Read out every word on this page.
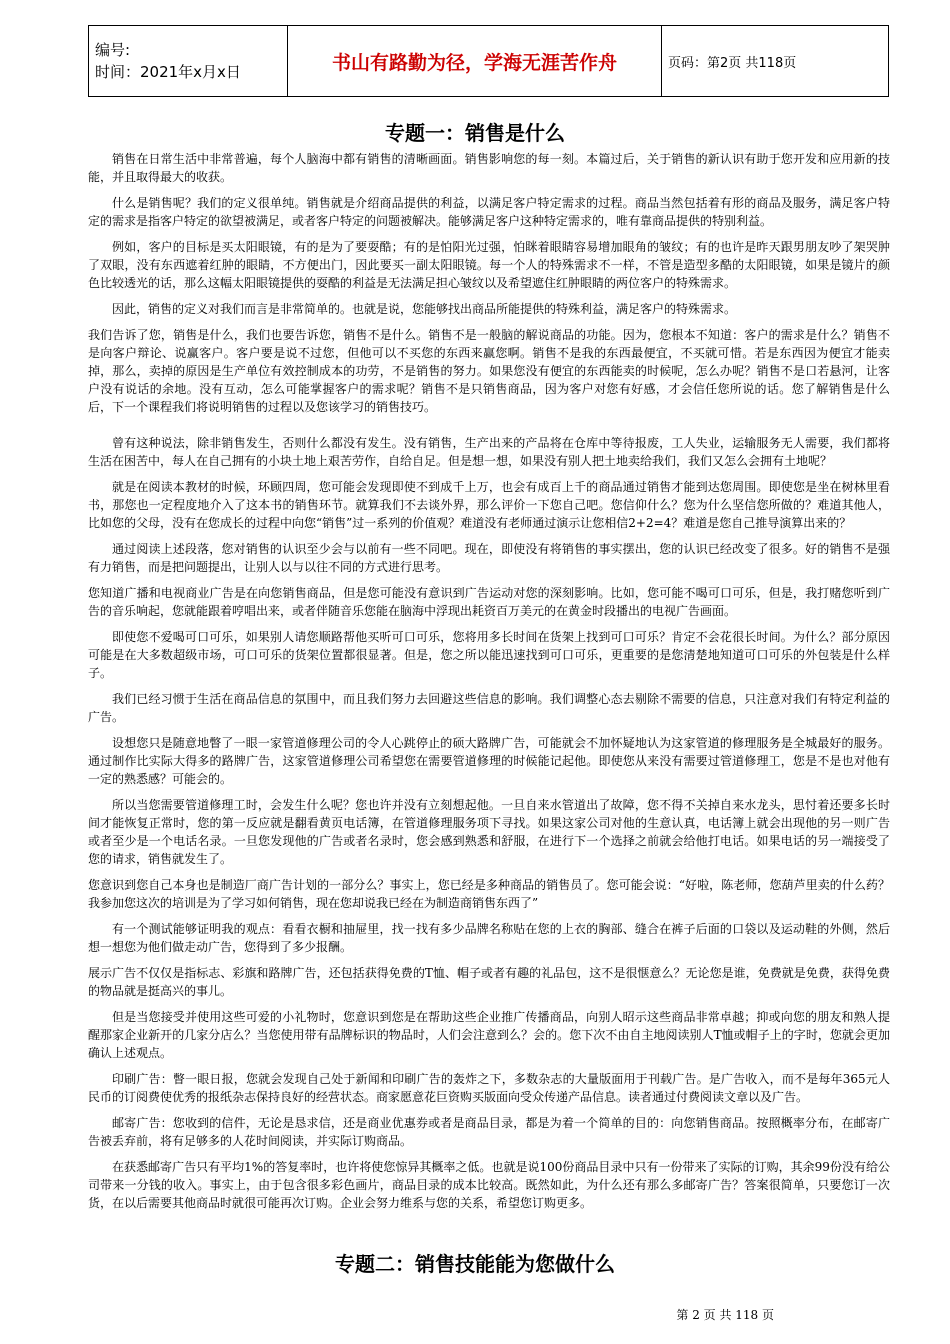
编号:
时间：2021年x月x日	书山有路勤为径，学海无涯苦作舟	页码：第2页 共118页
专题一：销售是什么

销售在日常生活中非常普遍，每个人脑海中都有销售的清晰画面。销售影响您的每一刻。本篇过后，关于销售的新认识有助于您开发和应用新的技能，并且取得最大的收获。

什么是销售呢？我们的定义很单纯。销售就是介绍商品提供的利益，以满足客户特定需求的过程。商品当然包括着有形的商品及服务，满足客户特定的需求是指客户特定的欲望被满足，或者客户特定的问题被解决。能够满足客户这种特定需求的，唯有靠商品提供的特别利益。

例如，客户的目标是买太阳眼镜，有的是为了要耍酷；有的是怕阳光过强，怕眯着眼睛容易增加眼角的皱纹；有的也许是昨天跟男朋友吵了架哭肿了双眼，没有东西遮着红肿的眼睛，不方便出门，因此要买一副太阳眼镜。每一个人的特殊需求不一样，不管是造型多酷的太阳眼镜，如果是镜片的颜色比较透光的话，那么这幅太阳眼镜提供的耍酷的利益是无法满足担心皱纹以及希望遮住红肿眼睛的两位客户的特殊需求。

因此，销售的定义对我们而言是非常简单的。也就是说，您能够找出商品所能提供的特殊利益，满足客户的特殊需求。

我们告诉了您，销售是什么，我们也要告诉您，销售不是什么。销售不是一般脑的解说商品的功能。因为，您根本不知道：客户的需求是什么？销售不是向客户辩论、说赢客户。客户要是说不过您，但他可以不买您的东西来赢您啊。销售不是我的东西最便宜，不买就可惜。若是东西因为便宜才能卖掉，那么，卖掉的原因是生产单位有效控制成本的功劳，不是销售的努力。如果您没有便宜的东西能卖的时候呢，怎么办呢？销售不是口若悬河，让客户没有说话的余地。没有互动，怎么可能掌握客户的需求呢？销售不是只销售商品，因为客户对您有好感，才会信任您所说的话。您了解销售是什么后，下一个课程我们将说明销售的过程以及您该学习的销售技巧。

曾有这种说法，除非销售发生，否则什么都没有发生。没有销售，生产出来的产品将在仓库中等待报废，工人失业，运输服务无人需要，我们都将生活在困苦中，每人在自己拥有的小块土地上艰苦劳作，自给自足。但是想一想，如果没有别人把土地卖给我们，我们又怎么会拥有土地呢？

就是在阅读本教材的时候，环顾四周，您可能会发现即使不到成千上万，也会有成百上千的商品通过销售才能到达您周围。即使您是坐在树林里看书，那您也一定程度地介入了这本书的销售环节。就算我们不去谈外界，那么评价一下您自己吧。您信仰什么？您为什么坚信您所做的？难道其他人，比如您的父母，没有在您成长的过程中向您“销售”过一系列的价值观？难道没有老师通过演示让您相信2+2=4？难道是您自己推导演算出来的？

通过阅读上述段落，您对销售的认识至少会与以前有一些不同吧。现在，即使没有将销售的事实摆出，您的认识已经改变了很多。好的销售不是强有力销售，而是把问题提出，让别人以与以往不同的方式进行思考。

您知道广播和电视商业广告是在向您销售商品，但是您可能没有意识到广告运动对您的深刻影响。比如，您可能不喝可口可乐，但是，我打赌您听到广告的音乐响起，您就能跟着哼唱出来，或者伴随音乐您能在脑海中浮现出耗资百万美元的在黄金时段播出的电视广告画面。

即使您不爱喝可口可乐，如果别人请您顺路帮他买听可口可乐，您将用多长时间在货架上找到可口可乐？肯定不会花很长时间。为什么？部分原因可能是在大多数超级市场，可口可乐的货架位置都很显著。但是，您之所以能迅速找到可口可乐，更重要的是您清楚地知道可口可乐的外包装是什么样子。

我们已经习惯于生活在商品信息的氛围中，而且我们努力去回避这些信息的影响。我们调整心态去剔除不需要的信息，只注意对我们有特定利益的广告。

设想您只是随意地瞥了一眼一家管道修理公司的令人心跳停止的硕大路牌广告，可能就会不加怀疑地认为这家管道的修理服务是全城最好的服务。通过制作比实际大得多的路牌广告，这家管道修理公司希望您在需要管道修理的时候能记起他。即使您从来没有需要过管道修理工，您是不是也对他有一定的熟悉感？可能会的。

所以当您需要管道修理工时，会发生什么呢？您也许并没有立刻想起他。一旦自来水管道出了故障，您不得不关掉自来水龙头，思忖着还要多长时间才能恢复正常时，您的第一反应就是翻看黄页电话簿，在管道修理服务项下寻找。如果这家公司对他的生意认真，电话簿上就会出现他的另一则广告或者至少是一个电话名录。一旦您发现他的广告或者名录时，您会感到熟悉和舒服，在进行下一个选择之前就会给他打电话。如果电话的另一端接受了您的请求，销售就发生了。

您意识到您自己本身也是制造厂商广告计划的一部分么？事实上，您已经是多种商品的销售员了。您可能会说：“好啦，陈老师，您葫芦里卖的什么药？我参加您这次的培训是为了学习如何销售，现在您却说我已经在为制造商销售东西了”

有一个测试能够证明我的观点：看看衣橱和抽屉里，找一找有多少品牌名称贴在您的上衣的胸部、缝合在裤子后面的口袋以及运动鞋的外侧，然后想一想您为他们做走动广告，您得到了多少报酬。

展示广告不仅仅是指标志、彩旗和路牌广告，还包括获得免费的T恤、帽子或者有趣的礼品包，这不是很惬意么？无论您是谁，免费就是免费，获得免费的物品就是挺高兴的事儿。

但是当您接受并使用这些可爱的小礼物时，您意识到您是在帮助这些企业推广传播商品，向别人昭示这些商品非常卓越；抑或向您的朋友和熟人提醒那家企业新开的几家分店么？当您使用带有品牌标识的物品时，人们会注意到么？会的。您下次不由自主地阅读别人T恤或帽子上的字时，您就会更加确认上述观点。

印刷广告：瞥一眼日报，您就会发现自己处于新闻和印刷广告的轰炸之下，多数杂志的大量版面用于刊载广告。是广告收入，而不是每年365元人民币的订阅费使优秀的报纸杂志保持良好的经营状态。商家愿意花巨资购买版面向受众传递产品信息。读者通过付费阅读文章以及广告。

邮寄广告：您收到的信件，无论是恳求信，还是商业优惠券或者是商品目录，都是为着一个简单的目的：向您销售商品。按照概率分布，在邮寄广告被丢弃前，将有足够多的人花时间阅读，并实际订购商品。

在获悉邮寄广告只有平均1%的答复率时，也许将使您惊异其概率之低。也就是说100份商品目录中只有一份带来了实际的订购，其余99份没有给公司带来一分钱的收入。事实上，由于包含很多彩色画片，商品目录的成本比较高。既然如此，为什么还有那么多邮寄广告？答案很简单，只要您订一次货，在以后需要其他商品时就很可能再次订购。企业会努力维系与您的关系，希望您订购更多。

专题二：销售技能能为您做什么
第 2 页 共 118 页
